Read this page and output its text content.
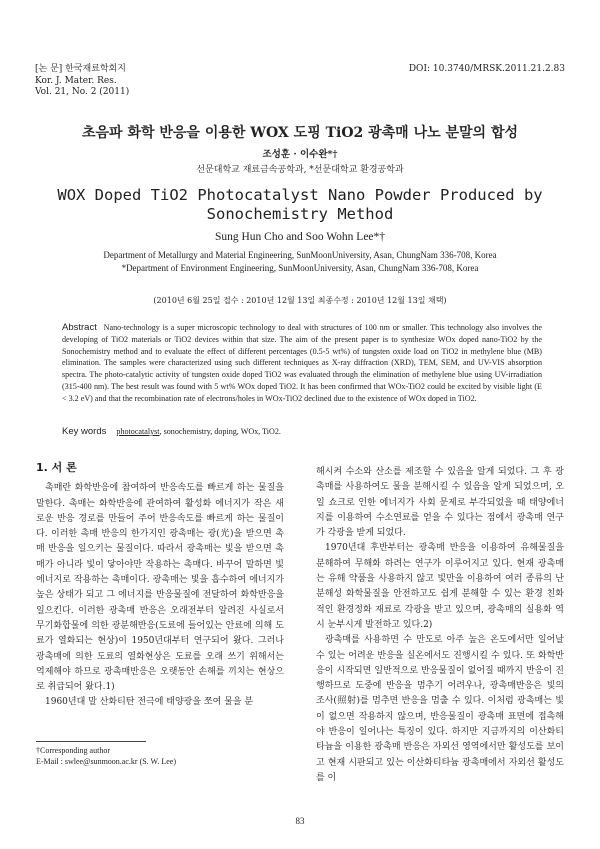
[논 문] 한국재료학회지
Kor. J. Mater. Res.
Vol. 21, No. 2 (2011)
DOI: 10.3740/MRSK.2011.21.2.83
초음파 화학 반응을 이용한 WOX 도핑 TiO2 광촉매 나노 분말의 합성
조성훈 · 이수완*†
선문대학교 재료금속공학과, *선문대학교 환경공학과
WOX Doped TiO2 Photocatalyst Nano Powder Produced by
Sonochemistry Method
Sung Hun Cho and Soo Wohn Lee*†
Department of Metallurgy and Material Engineering, SunMoonUniversity, Asan, ChungNam 336-708, Korea
*Department of Environment Engineering, SunMoonUniversity, Asan, ChungNam 336-708, Korea
(2010년 6월 25일 접수 : 2010년 12월 13일 최종수정 : 2010년 12월 13일 채택)
Abstract Nano-technology is a super microscopic technology to deal with structures of 100 nm or smaller. This technology also involves the developing of TiO2 materials or TiO2 devices within that size. The aim of the present paper is to synthesize WOx doped nano-TiO2 by the Sonochemistry method and to evaluate the effect of different percentages (0.5-5 wt%) of tungsten oxide load on TiO2 in methylene blue (MB) elimination. The samples were characterized using such different techniques as X-ray diffraction (XRD), TEM, SEM, and UV-VIS absorption spectra. The photo-catalytic activity of tungsten oxide doped TiO2 was evaluated through the elimination of methylene blue using UV-irradiation (315-400 nm). The best result was found with 5 wt% WOx doped TiO2. It has been confirmed that WOx-TiO2 could be excited by visible light (E < 3.2 eV) and that the recombination rate of electrons/holes in WOx-TiO2 declined due to the existence of WOx doped in TiO2.
Key words photocatalyst, sonochemistry, doping, WOx, TiO2.
1. 서 론

촉매란 화학반응에 참여하여 반응속도를 빠르게 하는 물질을 말한다. 촉매는 화학반응에 관여하여 활성화 에너지가 작은 새로운 반응 경로를 만들어 주어 반응속도를 빠르게 하는 물질이다. 이러한 촉매 반응의 한가지인 광촉매는 광(光)을 받으면 촉매 반응을 일으키는 물질이다. 따라서 광촉매는 빛을 받으면 촉매가 아니라 빛이 닿아야만 작용하는 촉매다. 바꾸어 말하면 빛에너지로 작용하는 촉매이다. 광촉매는 빛을 흡수하여 에너지가 높은 상태가 되고 그 에너지를 반응물질에 전달하여 화학반응을 일으킨다. 이러한 광촉매 반응은 오래전부터 알려진 사실로서 무기화합물에 의한 광분해반응(도료에 들어있는 안료에 의해 도료가 열화되는 현상)이 1950년대부터 연구되어 왔다. 그러나 광촉매에 의한 도료의 열화현상은 도료를 오래 쓰기 위해서는 억제해야 하므로 광촉매반응은 오랫동안 손해를 끼치는 현상으로 취급되어 왔다.1)

1960년대 말 산화티탄 전극에 태양광을 쪼여 물을 분

해시켜 수소와 산소를 제조할 수 있음을 알게 되었다. 그 후 광촉매를 사용하여도 물을 분해시킬 수 있음을 알게 되었으며, 오일 쇼크로 인한 에너지가 사회 문제로 부각되었을 때 태양에너지를 이용하여 수소연료를 얻을 수 있다는 점에서 광촉매 연구가 각광을 받게 되었다.

1970년대 후반부터는 광촉매 반응을 이용하여 유해물질을 분해하여 무해화 하려는 연구가 이루어지고 있다. 현재 광촉매는 유해 약품을 사용하지 않고 빛만을 이용하여 여러 종류의 난분해성 화학물질을 안전하고도 쉽게 분해할 수 있는 환경 친화적인 환경정화 재료로 각광을 받고 있으며, 광촉매의 실용화 역시 눈부시게 발전하고 있다.2)

광촉매를 사용하면 수 만도로 아주 높은 온도에서만 일어날 수 있는 어려운 반응을 실온에서도 진행시킬 수 있다. 또 화학반응이 시작되면 일반적으로 반응물질이 없어질 때까지 반응이 진행하므로 도중에 반응을 멈추기 어려우나, 광촉매반응은 빛의 조사(照射)를 멈추면 반응을 멈출 수 있다. 이처럼 광촉매는 빛이 없으면 작용하지 않으며, 반응물질이 광촉매 표면에 접촉해야 반응이 일어나는 특징이 있다. 하지만 지금까지의 이산화티타늄을 이용한 광촉매 반응은 자외선 영역에서만 활성도를 보이고 현재 시판되고 있는 이산화티타늄 광촉매에서 자외선 활성도를 이

†Corresponding author
E-Mail : swlee@sunmoon.ac.kr (S. W. Lee)
83
